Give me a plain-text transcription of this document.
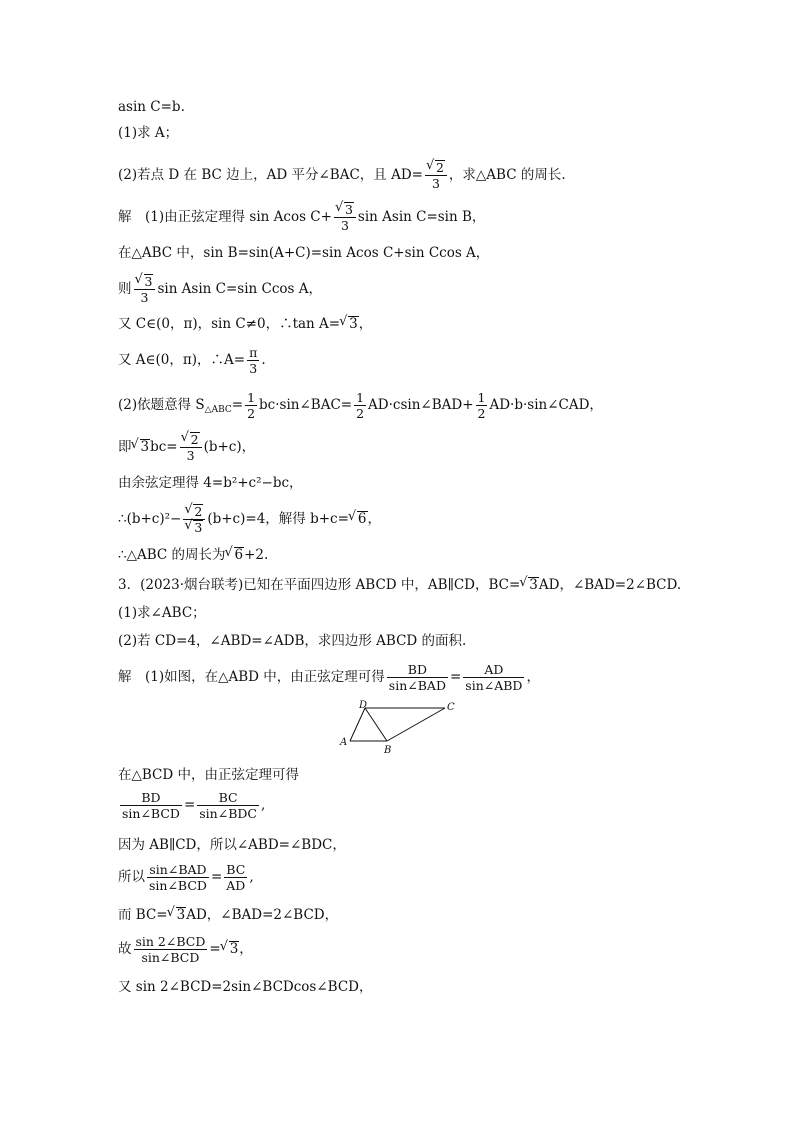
asin C=b.
(1)求 A；
(2)若点 D 在 BC 边上，AD 平分∠BAC，且 AD= √ $\frac{2}{3}$ ，求△ABC 的周长.
解　(1)由正弦定理得 sin Acos C+ √ $\frac{3}{3}$ sin Asin C=sin B，
在△ABC 中，sin B=sin(A+C)=sin Acos C+sin Ccos A，
则 √ $\frac{3}{3}$ sin Asin C=sin Ccos A，
又 C∈(0，π)，sin C≠0，∴tan A= √ 3，
又 A∈(0，π)，∴A= $\frac{\pi}{3}$ .
(2)依题意得 $S_{\triangle ABC}= \frac{1}{2}$ bc·sin∠BAC= $\frac{1}{2}$ AD·csin∠BAD+ $\frac{1}{2}$ AD·b·sin∠CAD，
即 √ 3bc= √ $\frac{2}{3} (b+c)$，
由余弦定理得 4=b²+c²−bc，
∴(b+c)²− √ 2
√ 3 (b+c)=4，解得 b+c= √ 6，
∴△ABC 的周长为 √ 6+2.
3．(2023·烟台联考)已知在平面四边形 ABCD 中，AB∥CD，BC= √ 3AD，∠BAD=2∠BCD.
(1)求∠ABC；
(2)若 CD=4，∠ABD=∠ADB，求四边形 ABCD 的面积.
解　(1)如图，在△ABD 中，由正弦定理可得 $\frac{BD}{\text{sin∠BAD}} = \frac{AD}{\text{sin∠ABD}}$ ，
D	C
A
B
在△BCD 中，由正弦定理可得
$\frac{BD}{\text{sin∠BCD}} = \frac{BC}{\text{sin∠BDC}}$ ,
因为 AB∥CD，所以∠ABD=∠BDC，
所以 $\frac{\text{sin∠BAD}}{\text{sin∠BCD}} = \frac{BC}{AD}$ ,
而 BC= √ 3AD，∠BAD=2∠BCD，
故 $\frac{\text{sin 2∠BCD}}{\text{sin∠BCD}}$ = √ 3，
又 sin 2∠BCD=2sin∠BCDcos∠BCD，
